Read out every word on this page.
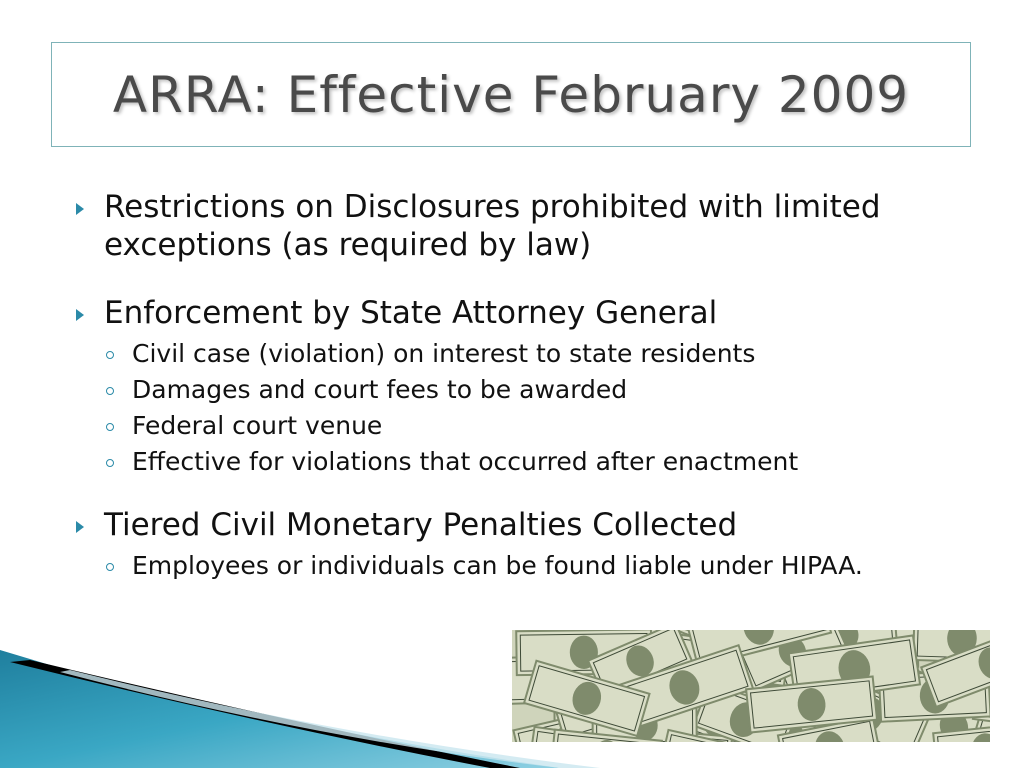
ARRA: Effective February 2009
Restrictions on Disclosures prohibited with limited exceptions (as required by law)
Enforcement by State Attorney General
Civil case (violation) on interest to state residents
Damages and court fees to be awarded
Federal court venue
Effective for violations that occurred after enactment
Tiered Civil Monetary Penalties Collected
Employees or individuals can be found liable under HIPAA.
